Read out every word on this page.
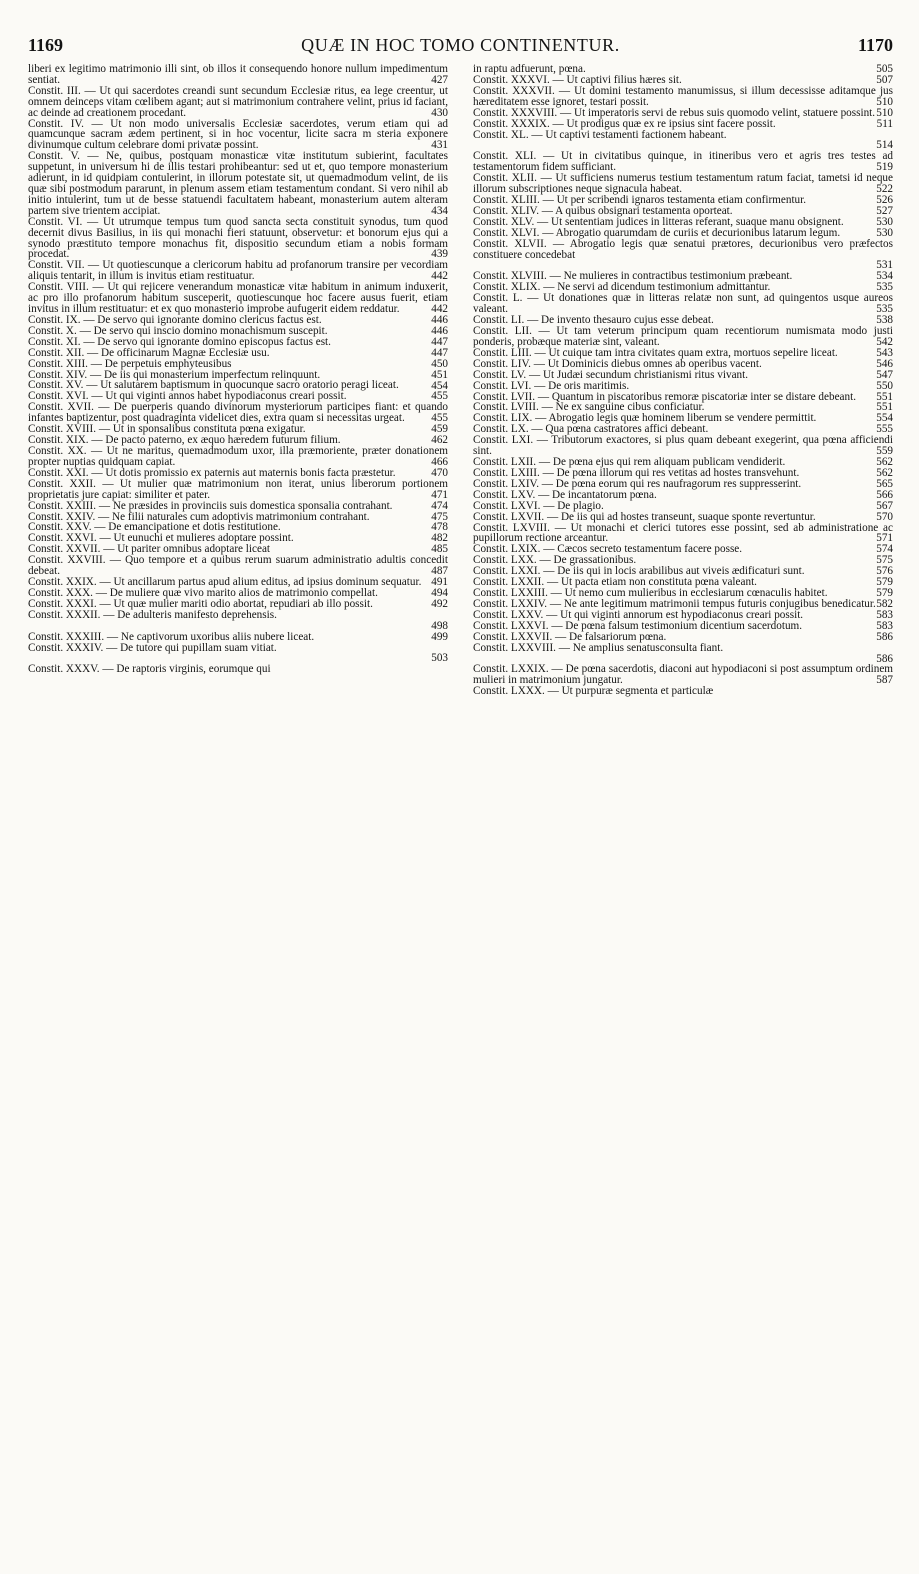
1169	QUÆ IN HOC TOMO CONTINENTUR.	1170

liberi ex legitimo matrimonio illi sint, ob illos it consequendo honore nullum impedimentum sentiat.	427

Constit. III. — Ut qui sacerdotes creandi sunt secundum Ecclesiæ ritus, ea lege creentur, ut omnem deinceps vitam cœlibem agant; aut si matrimonium contrahere velint, prius id faciant, ac deinde ad creationem procedant.	430

Constit. IV. — Ut non modo universalis Ecclesiæ sacerdotes, verum etiam qui ad quamcunque sacram ædem pertinent, si in hoc vocentur, licite sacra m steria exponere divinumque cultum celebrare domi privatæ possint.	431

Constit. V. — Ne, quibus, postquam monasticæ vitæ institutum subierint, facultates suppetunt, in universum hi de illis testari prohibeantur: sed ut et, quo tempore monasterium adierunt, in id quidpiam contulerint, in illorum potestate sit, ut quemadmodum velint, de iis quæ sibi postmodum pararunt, in plenum assem etiam testamentum condant. Si vero nihil ab initio intulerint, tum ut de besse statuendi facultatem habeant, monasterium autem alteram partem sive trientem accipiat.	434

Constit. VI. — Ut utrumque tempus tum quod sancta secta constituit synodus, tum quod decernit divus Basilius, in iis qui monachi fieri statuunt, observetur: et bonorum ejus qui a synodo præstituto tempore monachus fit, dispositio secundum etiam a nobis formam procedat.	439

Constit. VII. — Ut quotiescunque a clericorum habitu ad profanorum transire per vecordiam aliquis tentarit, in illum is invitus etiam restituatur.	442

Constit. VIII. — Ut qui rejicere venerandum monasticæ vitæ habitum in animum induxerit, ac pro illo profanorum habitum susceperit, quotiescunque hoc facere ausus fuerit, etiam invitus in illum restituatur: et ex quo monasterio improbe aufugerit eidem reddatur.	442

Constit. IX. — De servo qui ignorante domino clericus factus est.	446

Constit. X. — De servo qui inscio domino monachismum suscepit.	446

Constit. XI. — De servo qui ignorante domino episcopus factus est.	447

Constit. XII. — De officinarum Magnæ Ecclesiæ usu.	447

Constit. XIII. — De perpetuis emphyteusibus	450

Constit. XIV. — De iis qui monasterium imperfectum relinquunt.	451

Constit. XV. — Ut salutarem baptismum in quocunque sacro oratorio peragi liceat.	454

Constit. XVI. — Ut qui viginti annos habet hypodiaconus creari possit.	455

Constit. XVII. — De puerperis quando divinorum mysteriorum participes fiant: et quando infantes baptizentur, post quadraginta videlicet dies, extra quam si necessitas urgeat.	455

Constit. XVIII. — Ut in sponsalibus constituta pœna exigatur.	459

Constit. XIX. — De pacto paterno, ex æquo hæredem futurum filium.	462

Constit. XX. — Ut ne maritus, quemadmodum uxor, illa præmoriente, præter donationem propter nuptias quidquam capiat.	466

Constit. XXI. — Ut dotis promissio ex paternis aut maternis bonis facta præstetur.	470

Constit. XXII. — Ut mulier quæ matrimonium non iterat, unius liberorum portionem proprietatis jure capiat: similiter et pater.	471

Constit. XXIII. — Ne præsides in provinciis suis domestica sponsalia contrahant.	474

Constit. XXIV. — Ne filii naturales cum adoptivis matrimonium contrahant.	475

Constit. XXV. — De emancipatione et dotis restitutione.	478

Constit. XXVI. — Ut eunuchi et mulieres adoptare possint.	482

Constit. XXVII. — Ut pariter omnibus adoptare liceat	485

Constit. XXVIII. — Quo tempore et a quibus rerum suarum administratio adultis concedit debeat.	487

Constit. XXIX. — Ut ancillarum partus apud alium editus, ad ipsius dominum sequatur. 491

Constit. XXX. — De muliere quæ vivo marito alios de matrimonio compellat.	494

Constit. XXXI. — Ut quæ mulier mariti odio abortat, repudiari ab illo possit.	492

Constit. XXXII. — De adulteris manifesto deprehensis.
498

Constit. XXXIII. — Ne captivorum uxoribus aliis nubere liceat.	499

Constit. XXXIV. — De tutore qui pupillam suam vitiat.
503

Constit. XXXV. — De raptoris virginis, eorumque qui

in raptu adfuerunt, pœna.	505

Constit. XXXVI. — Ut captivi filius hæres sit.	507

Constit. XXXVII. — Ut domini testamento manumissus, si illum decessisse aditamque jus hæreditatem esse ignoret, testari possit.	510

Constit. XXXVIII. — Ut imperatoris servi de rebus suis quomodo velint, statuere possint. 510

Constit. XXXIX. — Ut prodigus quæ ex re ipsius sint facere possit.	511

Constit. XL. — Ut captivi testamenti factionem habeant.
514

Constit. XLI. — Ut in civitatibus quinque, in itineribus vero et agris tres testes ad testamentorum fidem sufficiant.	519

Constit. XLII. — Ut sufficiens numerus testium testamentum ratum faciat, tametsi id neque illorum subscriptiones neque signacula habeat.	522

Constit. XLIII. — Ut per scribendi ignaros testamenta etiam confirmentur.	526

Constit. XLIV. — A quibus obsignari testamenta oporteat.	527

Constit. XLV. — Ut sententiam judices in litteras referant, suaque manu obsignent.	530

Constit. XLVI. — Abrogatio quarumdam de curiis et decurionibus latarum legum.	530

Constit. XLVII. — Abrogatio legis quæ senatui prætores, decurionibus vero præfectos constituere concedebat
531

Constit. XLVIII. — Ne mulieres in contractibus testimonium præbeant.	534

Constit. XLIX. — Ne servi ad dicendum testimonium admittantur.	535

Constit. L. — Ut donationes quæ in litteras relatæ non sunt, ad quingentos usque aureos valeant.	535

Constit. LI. — De invento thesauro cujus esse debeat.	538

Constit. LII. — Ut tam veterum principum quam recentiorum numismata modo justi ponderis, probæque materiæ sint, valeant.	542

Constit. LIII. — Ut cuique tam intra civitates quam extra, mortuos sepelire liceat.	543

Constit. LIV. — Ut Dominicis diebus omnes ab operibus vacent.	546

Constit. LV. — Ut Judæi secundum christianismi ritus vivant.	547

Constit. LVI. — De oris maritimis.	550

Constit. LVII. — Quantum in piscatoribus remoræ piscatoriæ inter se distare debeant.	551

Constit. LVIII. — Ne ex sanguine cibus conficiatur.	551

Constit. LIX. — Abrogatio legis quæ hominem liberum se vendere permittit.	554

Constit. LX. — Qua pœna castratores affici debeant.	555

Constit. LXI. — Tributorum exactores, si plus quam debeant exegerint, qua pœna afficiendi sint.	559

Constit. LXII. — De pœna ejus qui rem aliquam publicam vendiderit.	562

Constit. LXIII. — De pœna illorum qui res vetitas ad hostes transvehunt.	562

Constit. LXIV. — De pœna eorum qui res naufragorum res suppresserint.	565

Constit. LXV. — De incantatorum pœna.	566

Constit. LXVI. — De plagio.	567

Constit. LXVII. — De iis qui ad hostes transeunt, suaque sponte revertuntur.	570

Constit. LXVIII. — Ut monachi et clerici tutores esse possint, sed ab administratione ac pupillorum rectione arceantur.	571

Constit. LXIX. — Cæcos secreto testamentum facere posse.	574

Constit. LXX. — De grassationibus.	575

Constit. LXXI. — De iis qui in locis arabilibus aut viveis ædificaturi sunt.	576

Constit. LXXII. — Ut pacta etiam non constituta pœna valeant.	579

Constit. LXXIII. — Ut nemo cum mulieribus in ecclesiarum cœnaculis habitet.	579

Constit. LXXIV. — Ne ante legitimum matrimonii tempus futuris conjugibus benedicatur. 582

Constit. LXXV. — Ut qui viginti annorum est hypodiaconus creari possit.	583

Constit. LXXVI. — De pœna falsum testimonium dicentium sacerdotum.	583

Constit. LXXVII. — De falsariorum pœna.	586

Constit. LXXVIII. — Ne amplius senatusconsulta fiant.
586

Constit. LXXIX. — De pœna sacerdotis, diaconi aut hypodiaconi si post assumptum ordinem mulieri in matrimonium jungatur.	587

Constit. LXXX. — Ut purpuræ segmenta et particulæ
